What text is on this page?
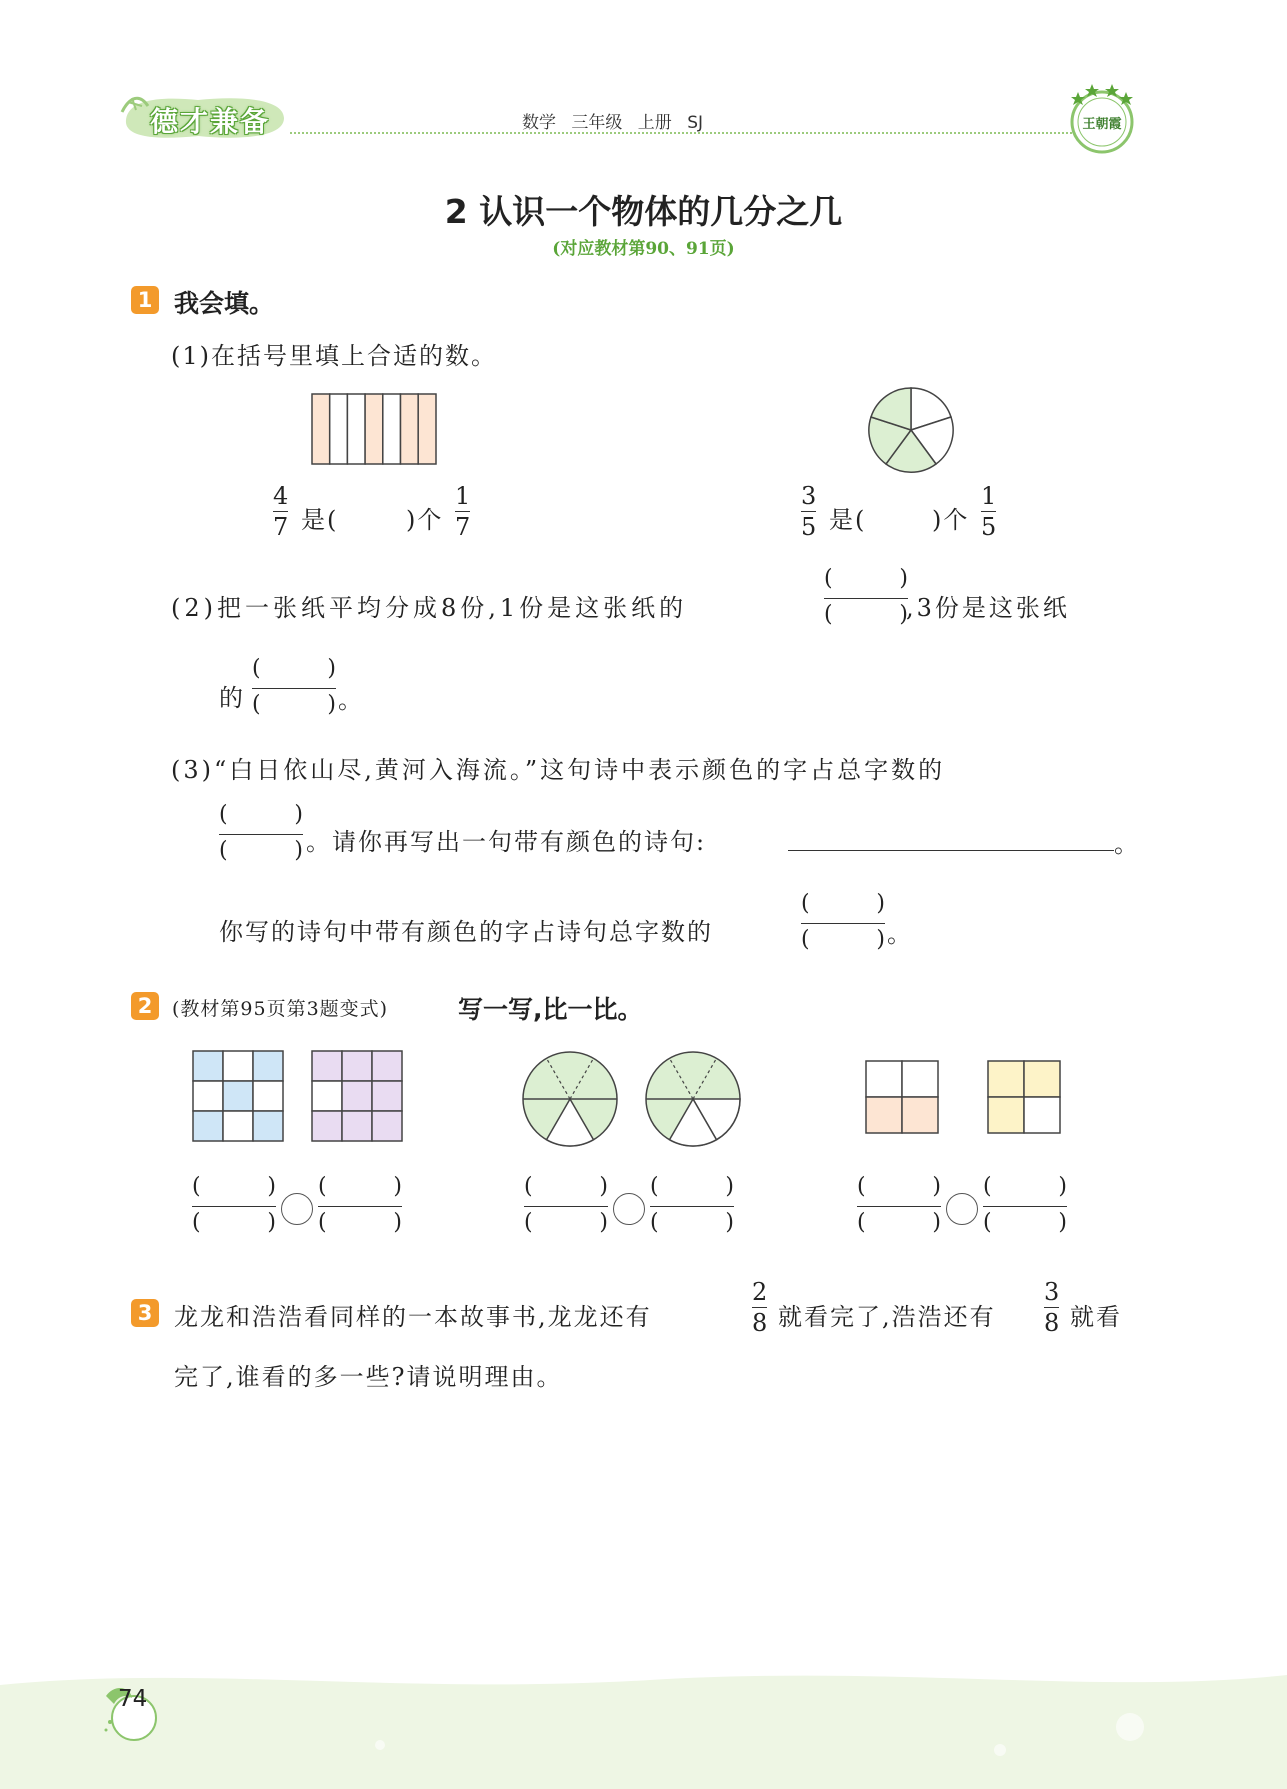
德才兼备	数学 三年级 上册 SJ	王朝霞
2 认识一个物体的几分之几
(对应教材第90、91页)
1 我会填。
(1)在括号里填上合适的数。
4
7 是(	)个
1
7
3
5 是(	)个
1
5
(2)把一张纸平均分成8份,1份是这张纸的
(	)
(	)
,3份是这张纸
的
(	)
(	) 。
(3)“白日依山尽,黄河入海流。”这句诗中表示颜色的字占总字数的
(	)
(	) 。请你再写出一句带有颜色的诗句:	。
你写的诗句中带有颜色的字占诗句总字数的
(	)
(	) 。
2	(教材第95页第3题变式)	写一写,比一比。
(	)
(	)
(	)
(	)
(	)
(	)
(	)
(	)
(	)
(	)
(	)
(	)
3 龙龙和浩浩看同样的一本故事书,龙龙还有
2
8 就看完了,浩浩还有
3
8 就看
完了,谁看的多一些?请说明理由。
74
